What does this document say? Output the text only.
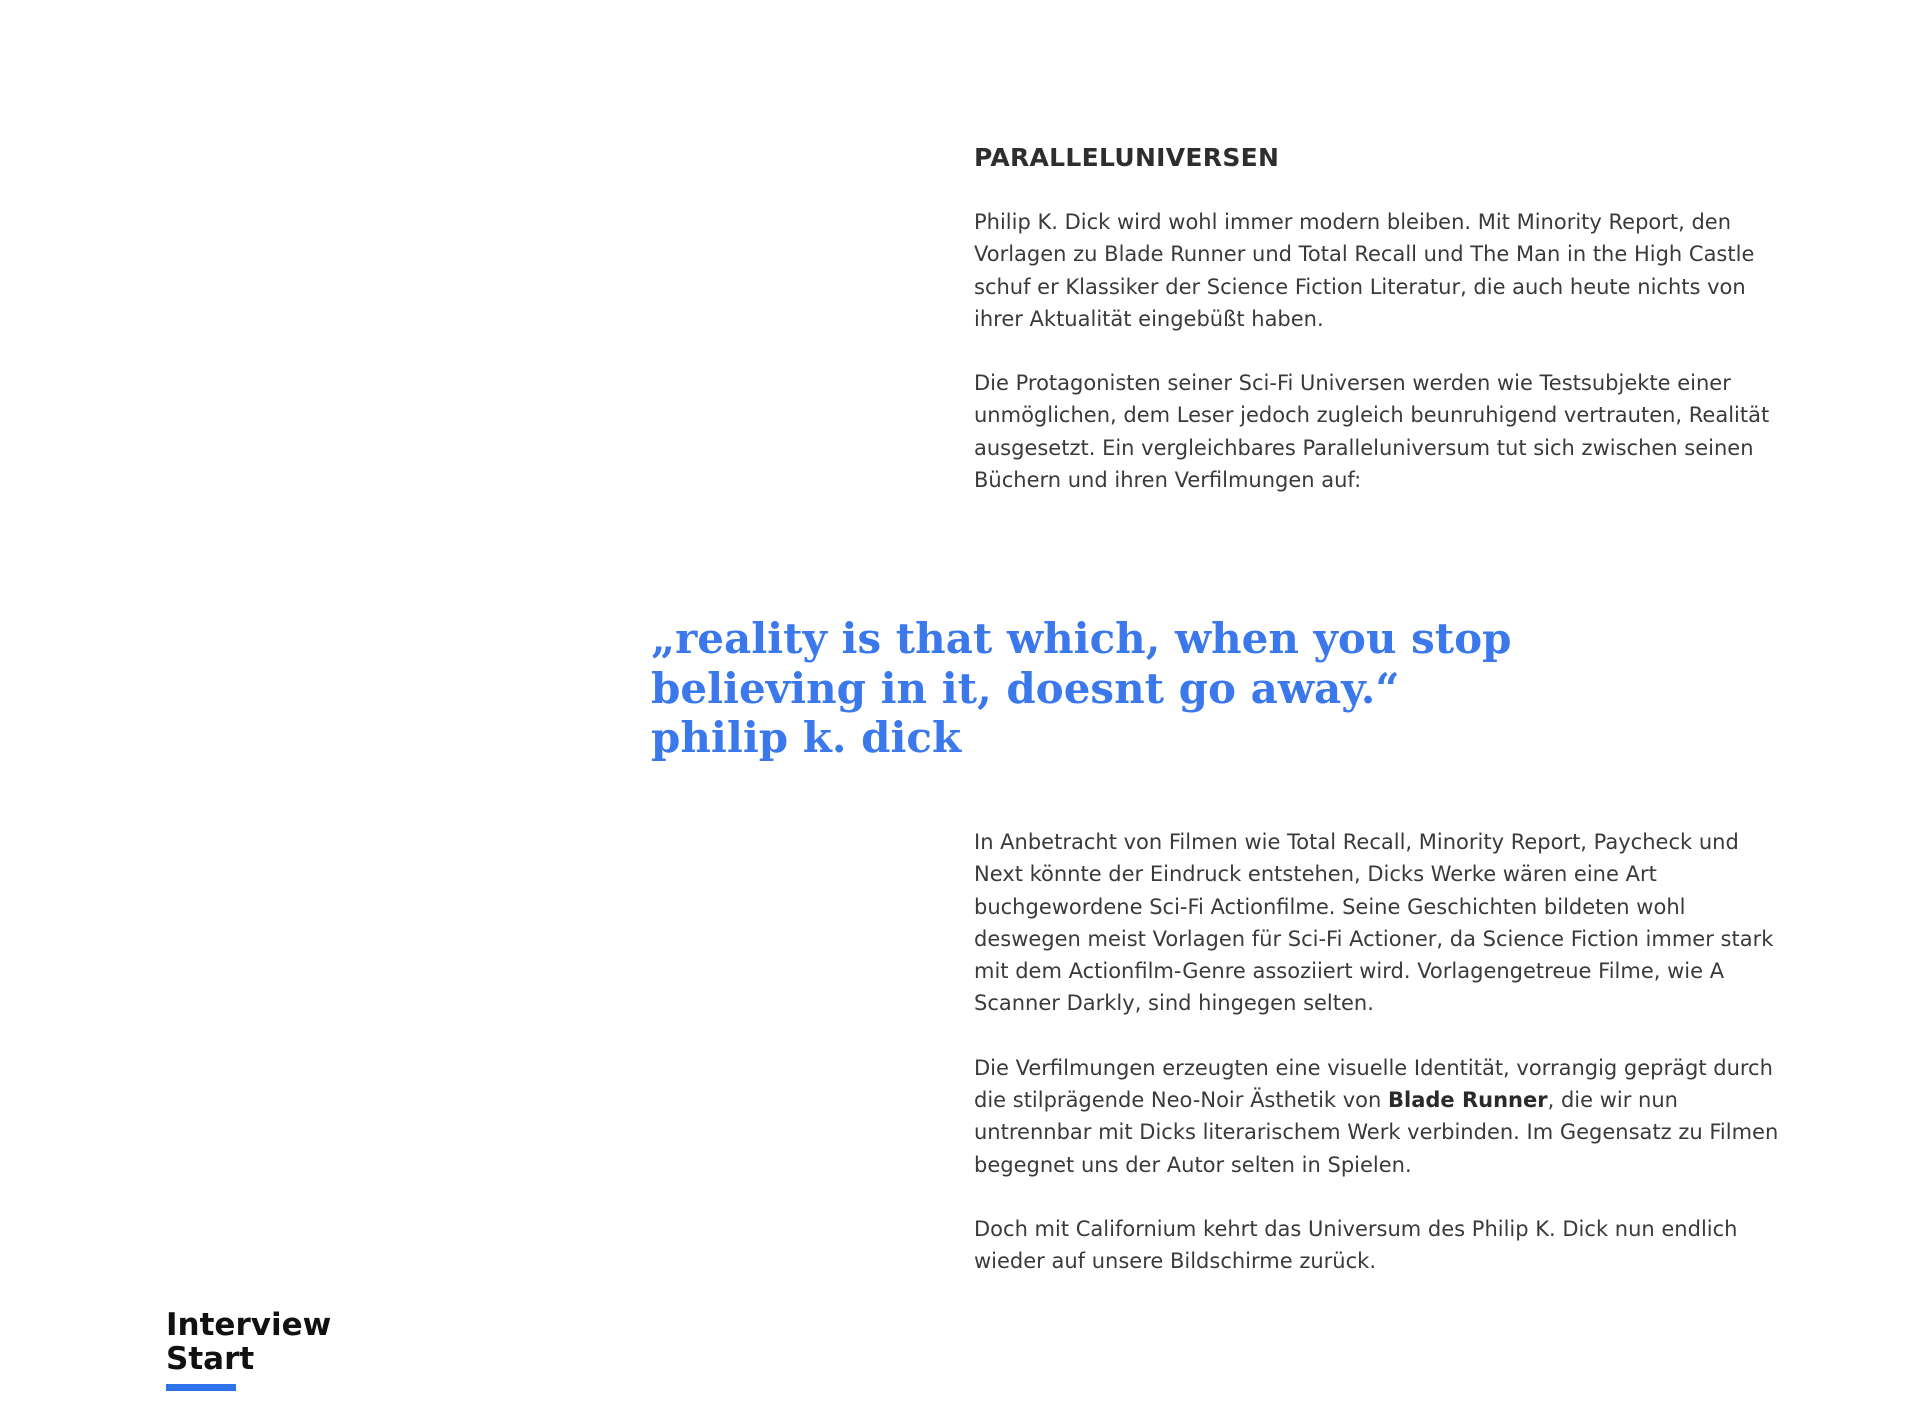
PARALLELUNIVERSEN

Philip K. Dick wird wohl immer modern bleiben. Mit Minority Report, den Vorlagen zu Blade Runner und Total Recall und The Man in the High Castle schuf er Klassiker der Science Fiction Literatur, die auch heute nichts von ihrer Aktualität eingebüßt haben.

Die Protagonisten seiner Sci-Fi Universen werden wie Testsubjekte einer unmöglichen, dem Leser jedoch zugleich beunruhigend vertrauten, Realität ausgesetzt. Ein vergleichbares Paralleluniversum tut sich zwischen seinen Büchern und ihren Verfilmungen auf:

„reality is that which, when you stop
believing in it, doesnt go away.“
philip k. dick

In Anbetracht von Filmen wie Total Recall, Minority Report, Paycheck und Next könnte der Eindruck entstehen, Dicks Werke wären eine Art buchgewordene Sci-Fi Actionfilme. Seine Geschichten bildeten wohl deswegen meist Vorlagen für Sci-Fi Actioner, da Science Fiction immer stark mit dem Actionfilm-Genre assoziiert wird. Vorlagengetreue Filme, wie A Scanner Darkly, sind hingegen selten.

Die Verfilmungen erzeugten eine visuelle Identität, vorrangig geprägt durch die stilprägende Neo-Noir Ästhetik von Blade Runner, die wir nun untrennbar mit Dicks literarischem Werk verbinden. Im Gegensatz zu Filmen begegnet uns der Autor selten in Spielen.

Doch mit Californium kehrt das Universum des Philip K. Dick nun endlich wieder auf unsere Bildschirme zurück.

Interview
Start
